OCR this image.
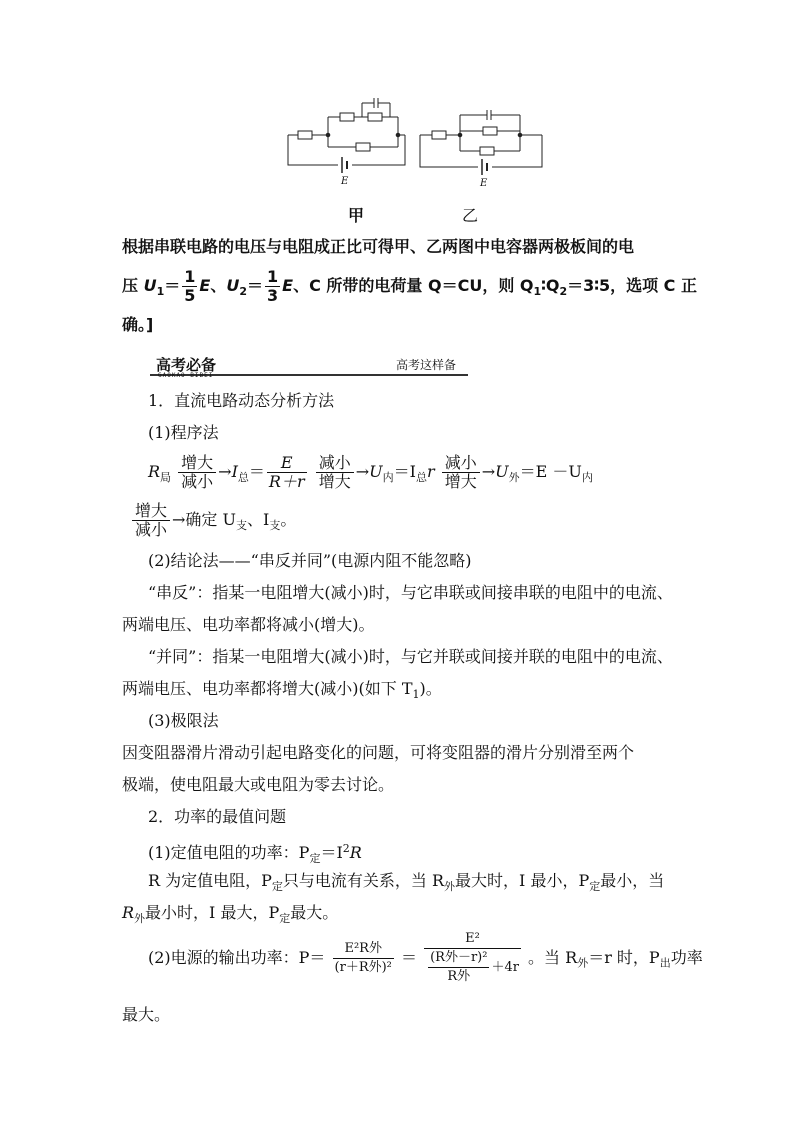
E	E
甲	乙
根据串联电路的电压与电阻成正比可得甲、乙两图中电容器两极板间的电
压 $U_1= \frac{1}{5}$ E、$U_2= \frac{1}{3}$ E、C 所带的电荷量 Q＝CU，则 $Q_1∶Q_2=3∶5$，选项 C 正
确。]
高考必备
GAOKAO BIBEI
高考这样备
1．直流电路动态分析方法
(1)程序法
$R_局 \frac{\text{增大}}{\text{减小}} \to I_总= \frac{E}{R+r}$
$\frac{\text{减小}}{\text{增大}} \to U_内=I_总r \frac{\text{减小}}{\text{增大}} \to U_外=E -U_内$
$\frac{\text{增大}}{\text{减小}}$ →确定 $U_支$、$I_支$。
(2)结论法——“串反并同”(电源内阻不能忽略)
“串反”：指某一电阻增大(减小)时，与它串联或间接串联的电阻中的电流、
两端电压、电功率都将减小(增大)。
“并同”：指某一电阻增大(减小)时，与它并联或间接并联的电阻中的电流、
两端电压、电功率都将增大(减小)(如下 $T_1$)。
(3)极限法
因变阻器滑片滑动引起电路变化的问题，可将变阻器的滑片分别滑至两个
极端，使电阻最大或电阻为零去讨论。
2．功率的最值问题
(1)定值电阻的功率：$P_定=I^2R$
R 为定值电阻，$P_定$只与电流有关系，当 $R_外$最大时，I 最小，$P_定$最小，当
$R_外$最小时，I 最大，$P_定$最大。
(2)电源的输出功率：$P= \frac{\text{E²R外}}{\text{(r＋R外)²}} = \frac{\text{E²}}{\frac{\text{(R外－r)²}}{\text{R外}} +4r}$ 。当 $R_外=r$ 时，$P_出$功率
最大。
